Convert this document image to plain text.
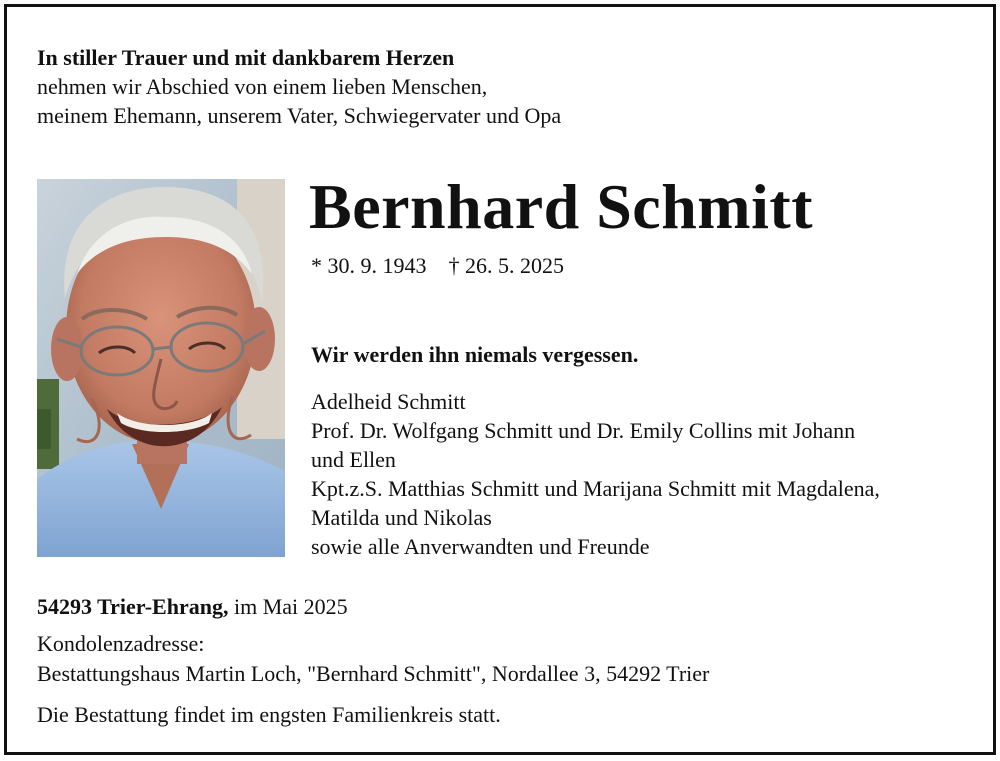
In stiller Trauer und mit dankbarem Herzen
nehmen wir Abschied von einem lieben Menschen,
meinem Ehemann, unserem Vater, Schwiegervater und Opa
Bernhard Schmitt
* 30. 9. 1943 † 26. 5. 2025
Wir werden ihn niemals vergessen.
Adelheid Schmitt
Prof. Dr. Wolfgang Schmitt und Dr. Emily Collins mit Johann
und Ellen
Kpt.z.S. Matthias Schmitt und Marijana Schmitt mit Magdalena,
Matilda und Nikolas
sowie alle Anverwandten und Freunde
54293 Trier-Ehrang, im Mai 2025
Kondolenzadresse:
Bestattungshaus Martin Loch, "Bernhard Schmitt", Nordallee 3, 54292 Trier
Die Bestattung findet im engsten Familienkreis statt.
